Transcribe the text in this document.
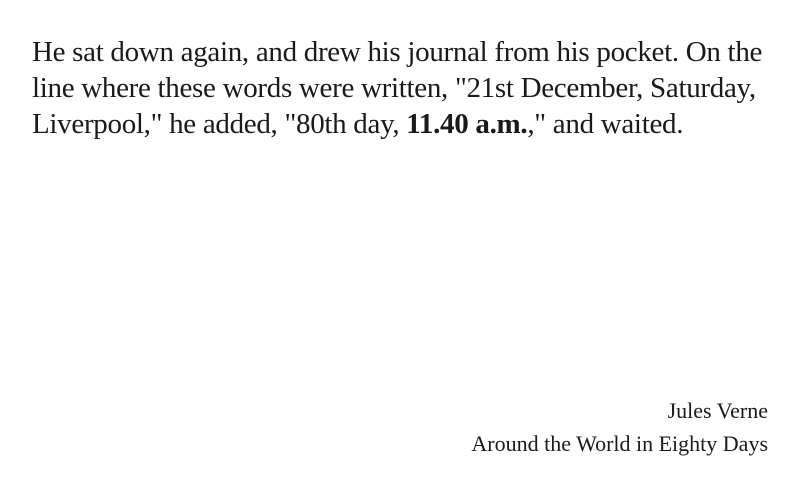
He sat down again, and drew his journal from his pocket. On the line where these words were written, "21st December, Saturday, Liverpool," he added, "80th day, 11.40 a.m.," and waited.

Jules Verne
Around the World in Eighty Days
